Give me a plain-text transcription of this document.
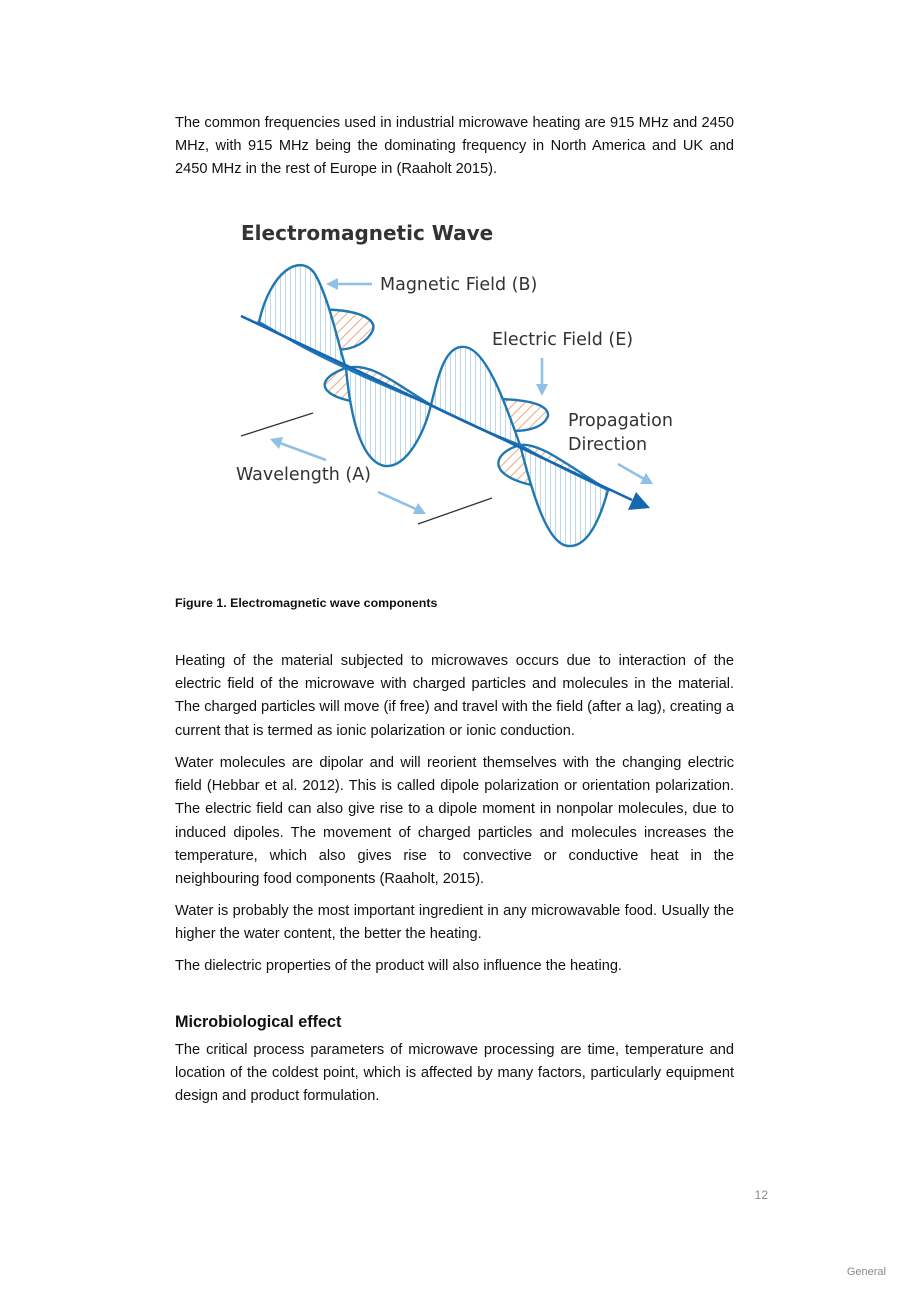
The common frequencies used in industrial microwave heating are 915 MHz and 2450 MHz, with 915 MHz being the dominating frequency in North America and UK and 2450 MHz in the rest of Europe in (Raaholt 2015).

Electromagnetic Wave
Magnetic Field (B)
Electric Field (E)
Propagation
Direction
Wavelength (A)

Figure 1. Electromagnetic wave components

Heating of the material subjected to microwaves occurs due to interaction of the electric field of the microwave with charged particles and molecules in the material. The charged particles will move (if free) and travel with the field (after a lag), creating a current that is termed as ionic polarization or ionic conduction.

Water molecules are dipolar and will reorient themselves with the changing electric field (Hebbar et al. 2012). This is called dipole polarization or orientation polarization. The electric field can also give rise to a dipole moment in nonpolar molecules, due to induced dipoles. The movement of charged particles and molecules increases the temperature, which also gives rise to convective or conductive heat in the neighbouring food components (Raaholt, 2015).

Water is probably the most important ingredient in any microwavable food. Usually the higher the water content, the better the heating.

The dielectric properties of the product will also influence the heating.

Microbiological effect

The critical process parameters of microwave processing are time, temperature and location of the coldest point, which is affected by many factors, particularly equipment design and product formulation.

12
General
